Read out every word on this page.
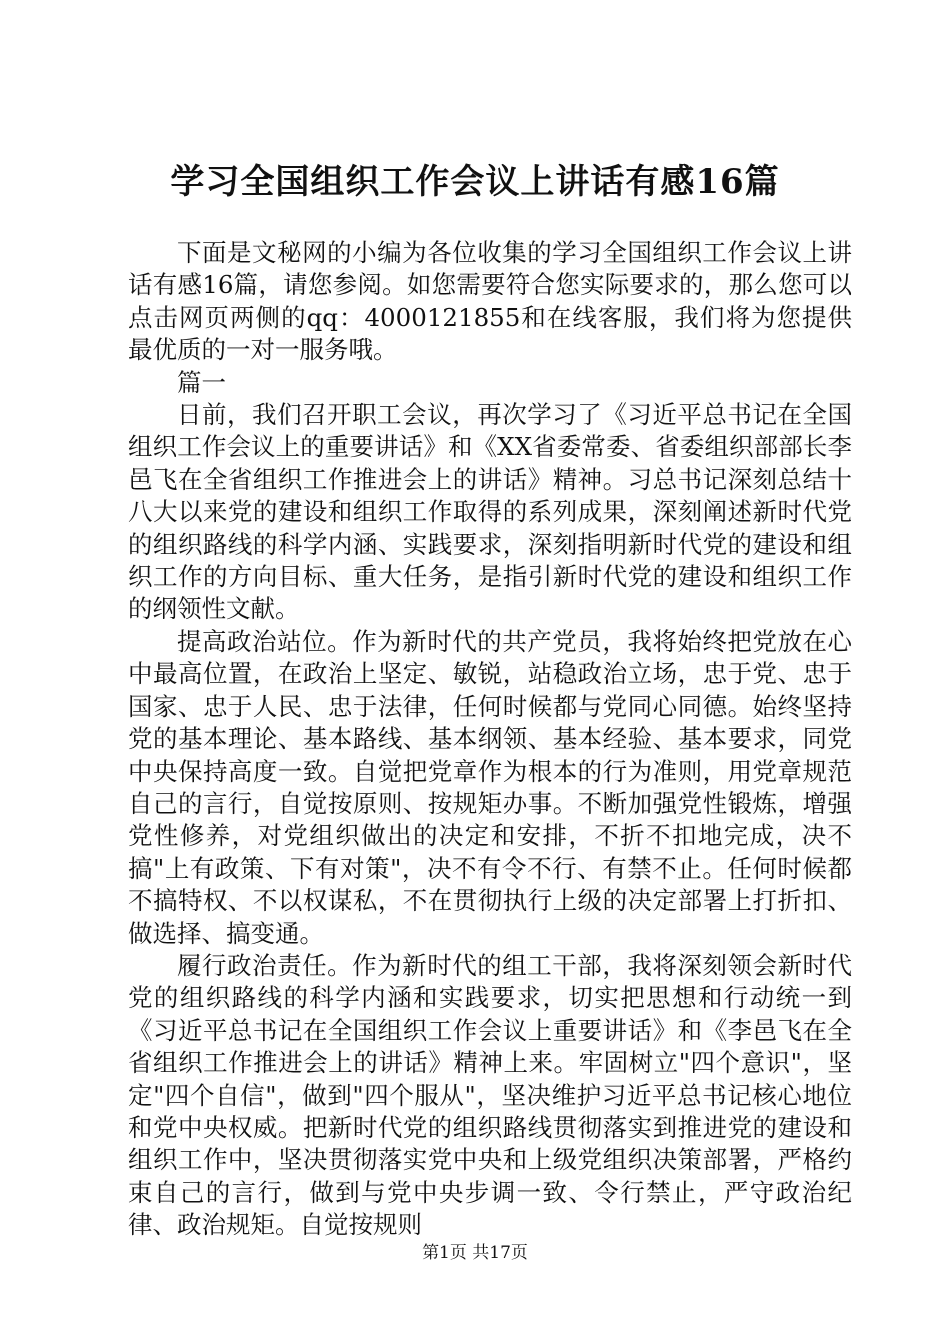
学习全国组织工作会议上讲话有感16篇

下面是文秘网的小编为各位收集的学习全国组织工作会议上讲话有感16篇，请您参阅。如您需要符合您实际要求的，那么您可以点击网页两侧的qq：4000121855和在线客服，我们将为您提供最优质的一对一服务哦。

篇一

日前，我们召开职工会议，再次学习了《习近平总书记在全国组织工作会议上的重要讲话》和《XX省委常委、省委组织部部长李邑飞在全省组织工作推进会上的讲话》精神。习总书记深刻总结十八大以来党的建设和组织工作取得的系列成果，深刻阐述新时代党的组织路线的科学内涵、实践要求，深刻指明新时代党的建设和组织工作的方向目标、重大任务，是指引新时代党的建设和组织工作的纲领性文献。

提高政治站位。作为新时代的共产党员，我将始终把党放在心中最高位置，在政治上坚定、敏锐，站稳政治立场，忠于党、忠于国家、忠于人民、忠于法律，任何时候都与党同心同德。始终坚持党的基本理论、基本路线、基本纲领、基本经验、基本要求，同党中央保持高度一致。自觉把党章作为根本的行为准则，用党章规范自己的言行，自觉按原则、按规矩办事。不断加强党性锻炼，增强党性修养，对党组织做出的决定和安排，不折不扣地完成，决不搞"上有政策、下有对策"，决不有令不行、有禁不止。任何时候都不搞特权、不以权谋私，不在贯彻执行上级的决定部署上打折扣、做选择、搞变通。

履行政治责任。作为新时代的组工干部，我将深刻领会新时代党的组织路线的科学内涵和实践要求，切实把思想和行动统一到《习近平总书记在全国组织工作会议上重要讲话》和《李邑飞在全省组织工作推进会上的讲话》精神上来。牢固树立"四个意识"，坚定"四个自信"，做到"四个服从"，坚决维护习近平总书记核心地位和党中央权威。把新时代党的组织路线贯彻落实到推进党的建设和组织工作中，坚决贯彻落实党中央和上级党组织决策部署，严格约束自己的言行，做到与党中央步调一致、令行禁止，严守政治纪律、政治规矩。自觉按规则

第1页 共17页
